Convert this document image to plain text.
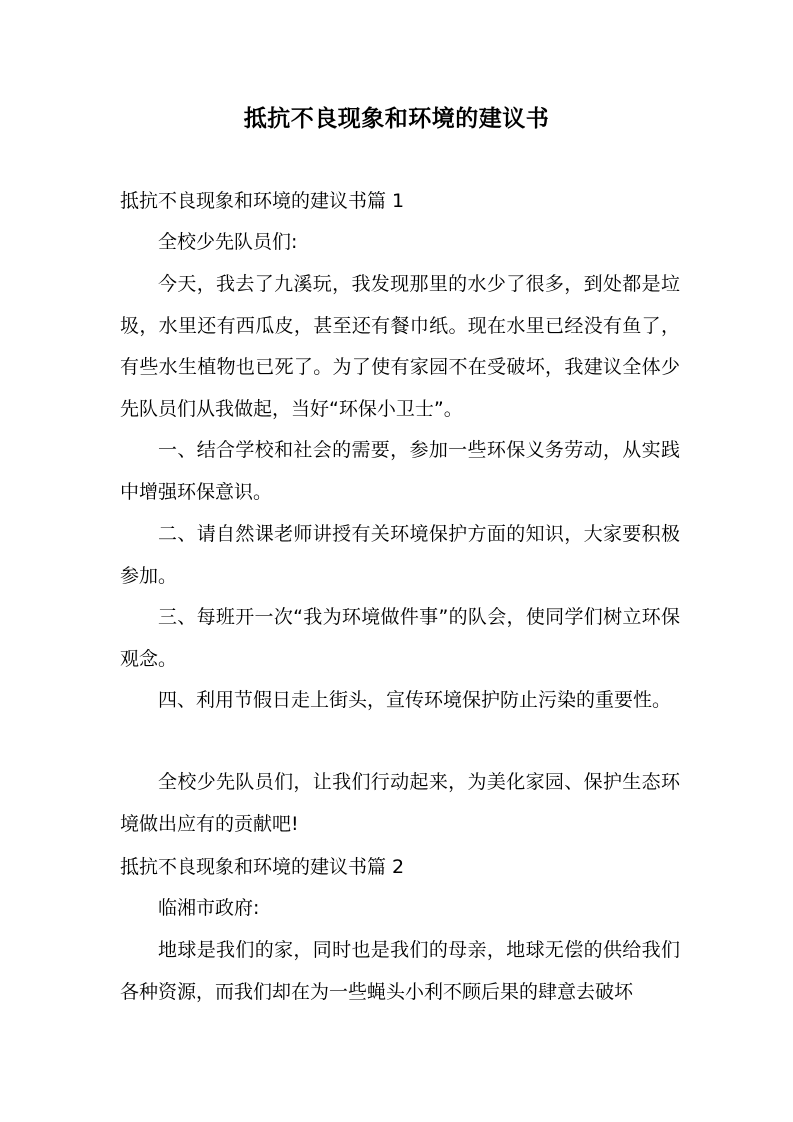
抵抗不良现象和环境的建议书
抵抗不良现象和环境的建议书篇 1
全校少先队员们:
今天，我去了九溪玩，我发现那里的水少了很多，到处都是垃圾，水里还有西瓜皮，甚至还有餐巾纸。现在水里已经没有鱼了，有些水生植物也已死了。为了使有家园不在受破坏，我建议全体少先队员们从我做起，当好“环保小卫士”。
一、结合学校和社会的需要，参加一些环保义务劳动，从实践中增强环保意识。
二、请自然课老师讲授有关环境保护方面的知识，大家要积极参加。
三、每班开一次“我为环境做件事”的队会，使同学们树立环保观念。
四、利用节假日走上街头，宣传环境保护防止污染的重要性。
全校少先队员们，让我们行动起来，为美化家园、保护生态环境做出应有的贡献吧!
抵抗不良现象和环境的建议书篇 2
临湘市政府:
地球是我们的家，同时也是我们的母亲，地球无偿的供给我们各种资源，而我们却在为一些蝇头小利不顾后果的肆意去破坏
